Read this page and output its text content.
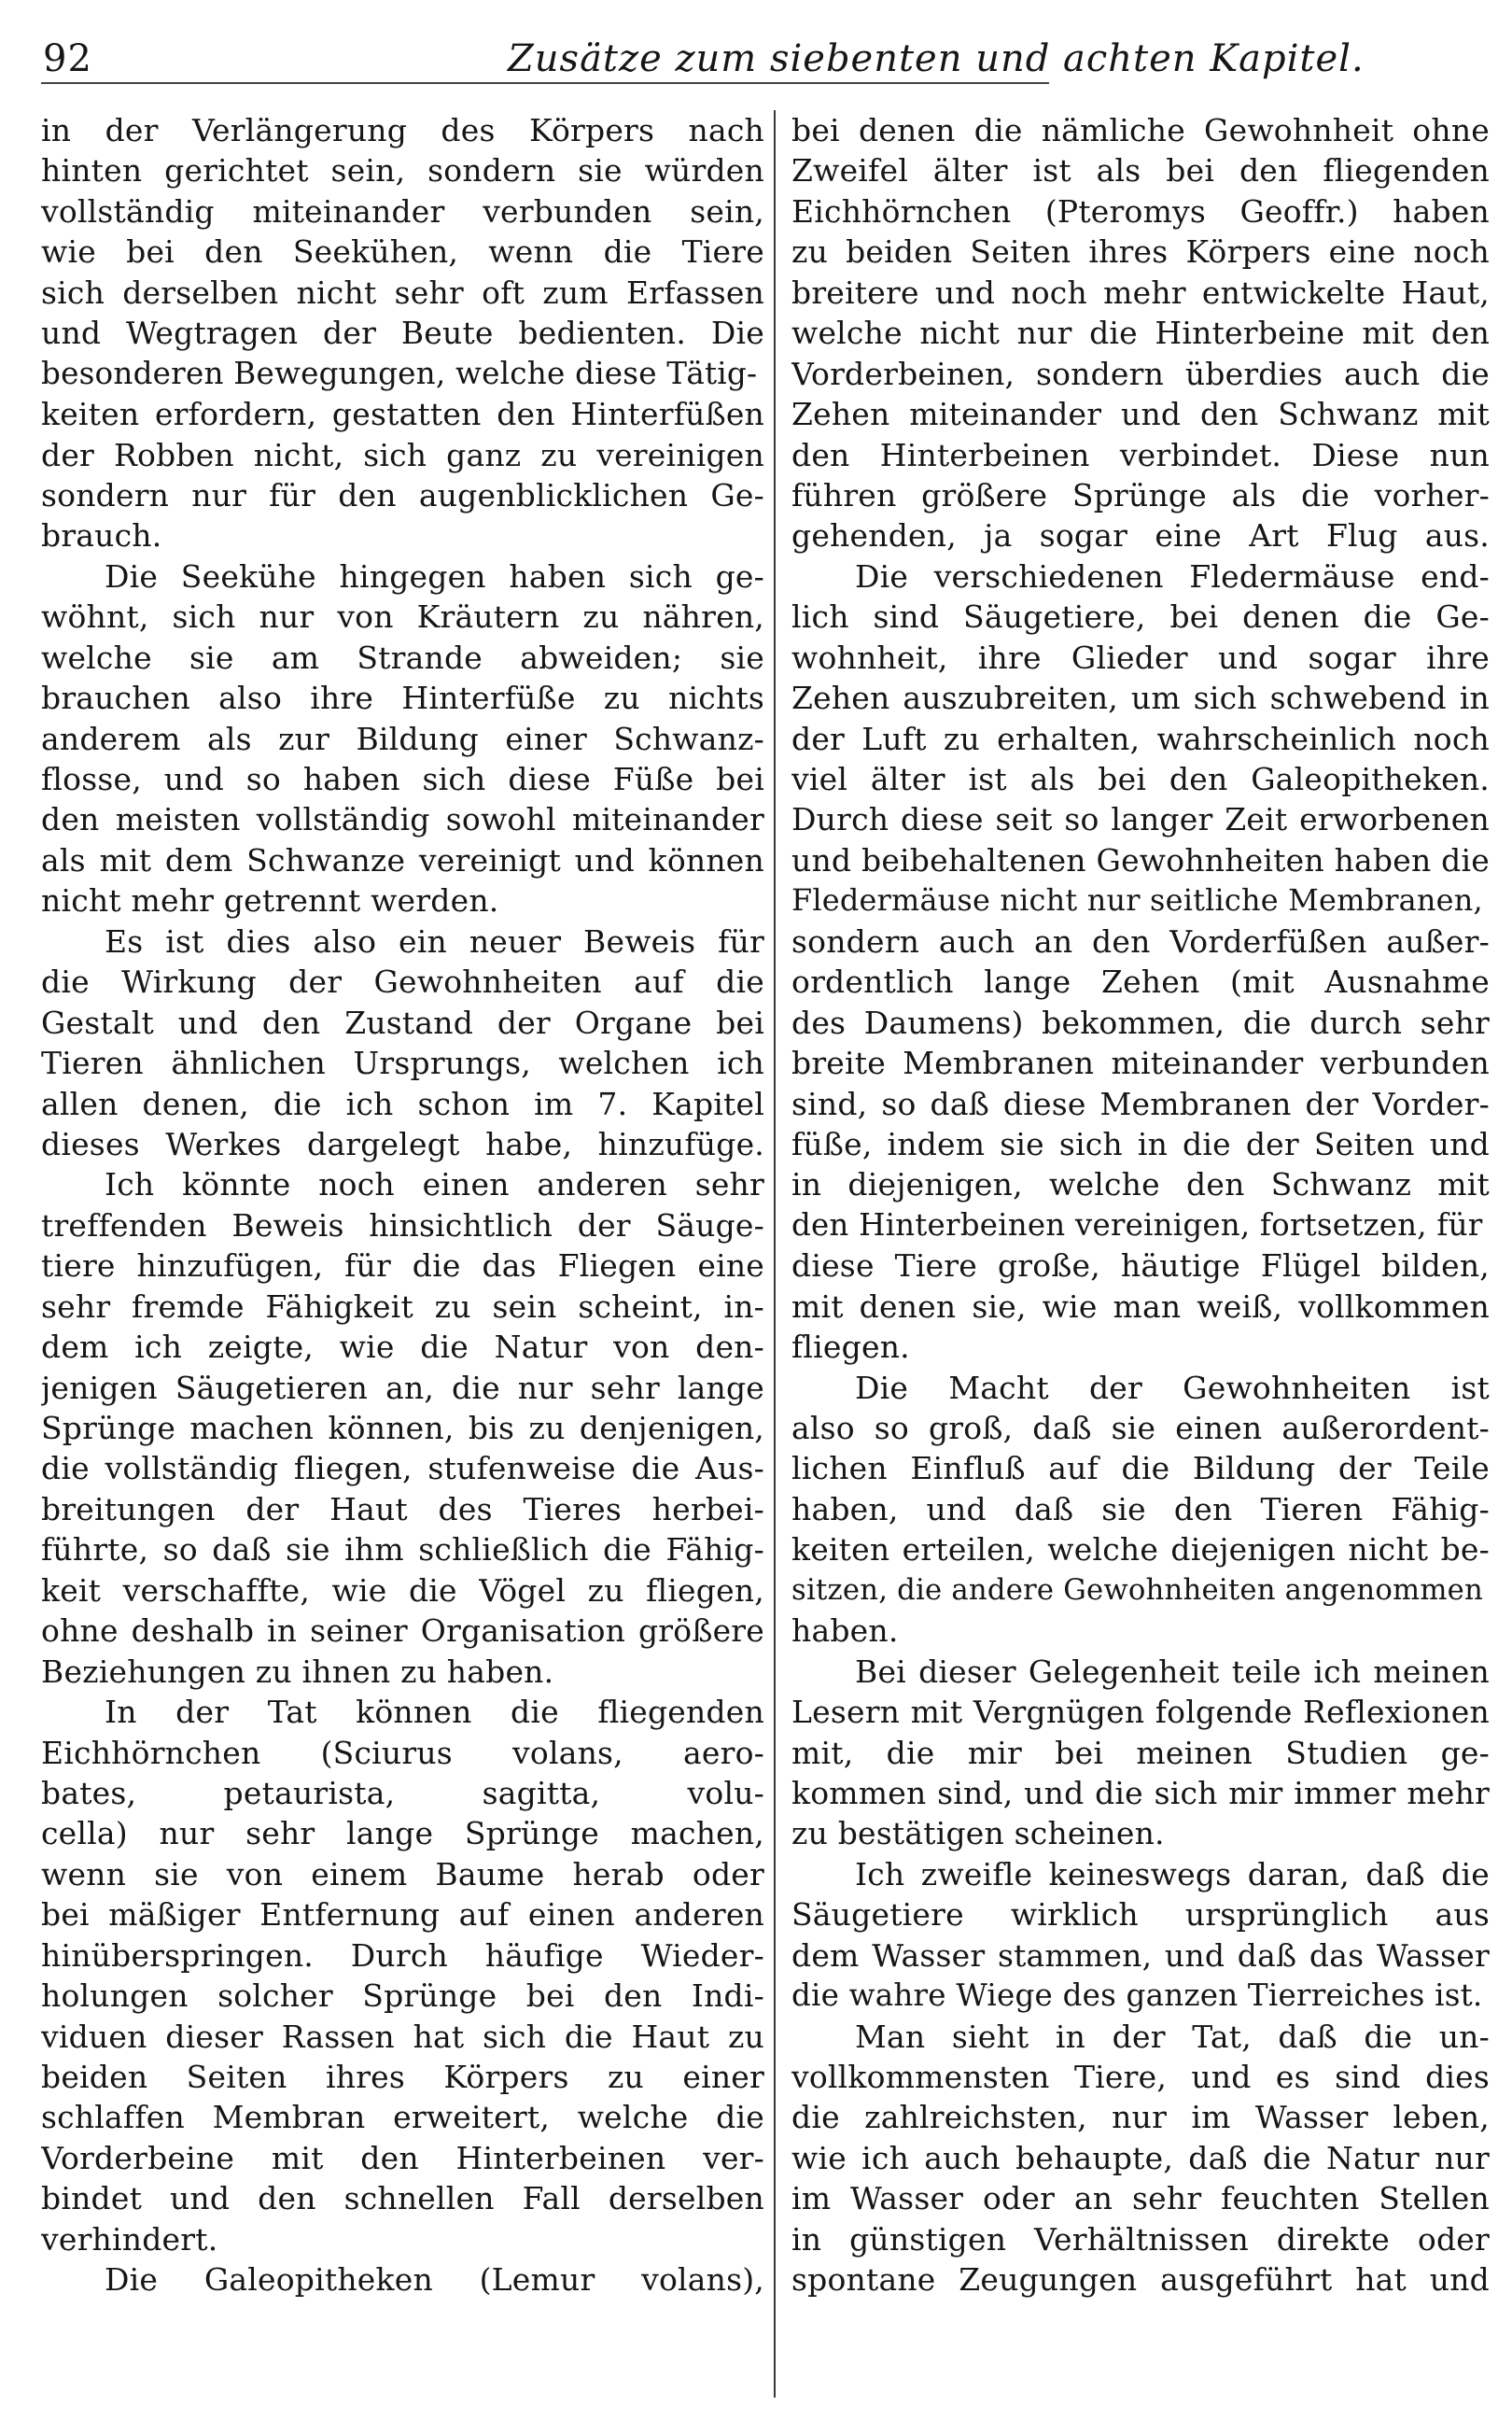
92	Zusätze zum siebenten und achten Kapitel.
in der Verlängerung des Körpers nach
hinten gerichtet sein, sondern sie würden
vollständig miteinander verbunden sein,
wie bei den Seekühen, wenn die Tiere
sich derselben nicht sehr oft zum Erfassen
und Wegtragen der Beute bedienten. Die
besonderen Bewegungen, welche diese Tätig-
keiten erfordern, gestatten den Hinterfüßen
der Robben nicht, sich ganz zu vereinigen
sondern nur für den augenblicklichen Ge-
brauch.
Die Seekühe hingegen haben sich ge-
wöhnt, sich nur von Kräutern zu nähren,
welche sie am Strande abweiden; sie
brauchen also ihre Hinterfüße zu nichts
anderem als zur Bildung einer Schwanz-
flosse, und so haben sich diese Füße bei
den meisten vollständig sowohl miteinander
als mit dem Schwanze vereinigt und können
nicht mehr getrennt werden.
Es ist dies also ein neuer Beweis für
die Wirkung der Gewohnheiten auf die
Gestalt und den Zustand der Organe bei
Tieren ähnlichen Ursprungs, welchen ich
allen denen, die ich schon im 7. Kapitel
dieses Werkes dargelegt habe, hinzufüge.
Ich könnte noch einen anderen sehr
treffenden Beweis hinsichtlich der Säuge-
tiere hinzufügen, für die das Fliegen eine
sehr fremde Fähigkeit zu sein scheint, in-
dem ich zeigte, wie die Natur von den-
jenigen Säugetieren an, die nur sehr lange
Sprünge machen können, bis zu denjenigen,
die vollständig fliegen, stufenweise die Aus-
breitungen der Haut des Tieres herbei-
führte, so daß sie ihm schließlich die Fähig-
keit verschaffte, wie die Vögel zu fliegen,
ohne deshalb in seiner Organisation größere
Beziehungen zu ihnen zu haben.
In der Tat können die fliegenden
Eichhörnchen (Sciurus volans, aero-
bates, petaurista, sagitta, volu-
cella) nur sehr lange Sprünge machen,
wenn sie von einem Baume herab oder
bei mäßiger Entfernung auf einen anderen
hinüberspringen. Durch häufige Wieder-
holungen solcher Sprünge bei den Indi-
viduen dieser Rassen hat sich die Haut zu
beiden Seiten ihres Körpers zu einer
schlaffen Membran erweitert, welche die
Vorderbeine mit den Hinterbeinen ver-
bindet und den schnellen Fall derselben
verhindert.
Die Galeopitheken (Lemur volans),
bei denen die nämliche Gewohnheit ohne
Zweifel älter ist als bei den fliegenden
Eichhörnchen (Pteromys Geoffr.) haben
zu beiden Seiten ihres Körpers eine noch
breitere und noch mehr entwickelte Haut,
welche nicht nur die Hinterbeine mit den
Vorderbeinen, sondern überdies auch die
Zehen miteinander und den Schwanz mit
den Hinterbeinen verbindet. Diese nun
führen größere Sprünge als die vorher-
gehenden, ja sogar eine Art Flug aus.
Die verschiedenen Fledermäuse end-
lich sind Säugetiere, bei denen die Ge-
wohnheit, ihre Glieder und sogar ihre
Zehen auszubreiten, um sich schwebend in
der Luft zu erhalten, wahrscheinlich noch
viel älter ist als bei den Galeopitheken.
Durch diese seit so langer Zeit erworbenen
und beibehaltenen Gewohnheiten haben die
Fledermäuse nicht nur seitliche Membranen,
sondern auch an den Vorderfüßen außer-
ordentlich lange Zehen (mit Ausnahme
des Daumens) bekommen, die durch sehr
breite Membranen miteinander verbunden
sind, so daß diese Membranen der Vorder-
füße, indem sie sich in die der Seiten und
in diejenigen, welche den Schwanz mit
den Hinterbeinen vereinigen, fortsetzen, für
diese Tiere große, häutige Flügel bilden,
mit denen sie, wie man weiß, vollkommen
fliegen.
Die Macht der Gewohnheiten ist
also so groß, daß sie einen außerordent-
lichen Einfluß auf die Bildung der Teile
haben, und daß sie den Tieren Fähig-
keiten erteilen, welche diejenigen nicht be-
sitzen, die andere Gewohnheiten angenommen
haben.
Bei dieser Gelegenheit teile ich meinen
Lesern mit Vergnügen folgende Reflexionen
mit, die mir bei meinen Studien ge-
kommen sind, und die sich mir immer mehr
zu bestätigen scheinen.
Ich zweifle keineswegs daran, daß die
Säugetiere wirklich ursprünglich aus
dem Wasser stammen, und daß das Wasser
die wahre Wiege des ganzen Tierreiches ist.
Man sieht in der Tat, daß die un-
vollkommensten Tiere, und es sind dies
die zahlreichsten, nur im Wasser leben,
wie ich auch behaupte, daß die Natur nur
im Wasser oder an sehr feuchten Stellen
in günstigen Verhältnissen direkte oder
spontane Zeugungen ausgeführt hat und
